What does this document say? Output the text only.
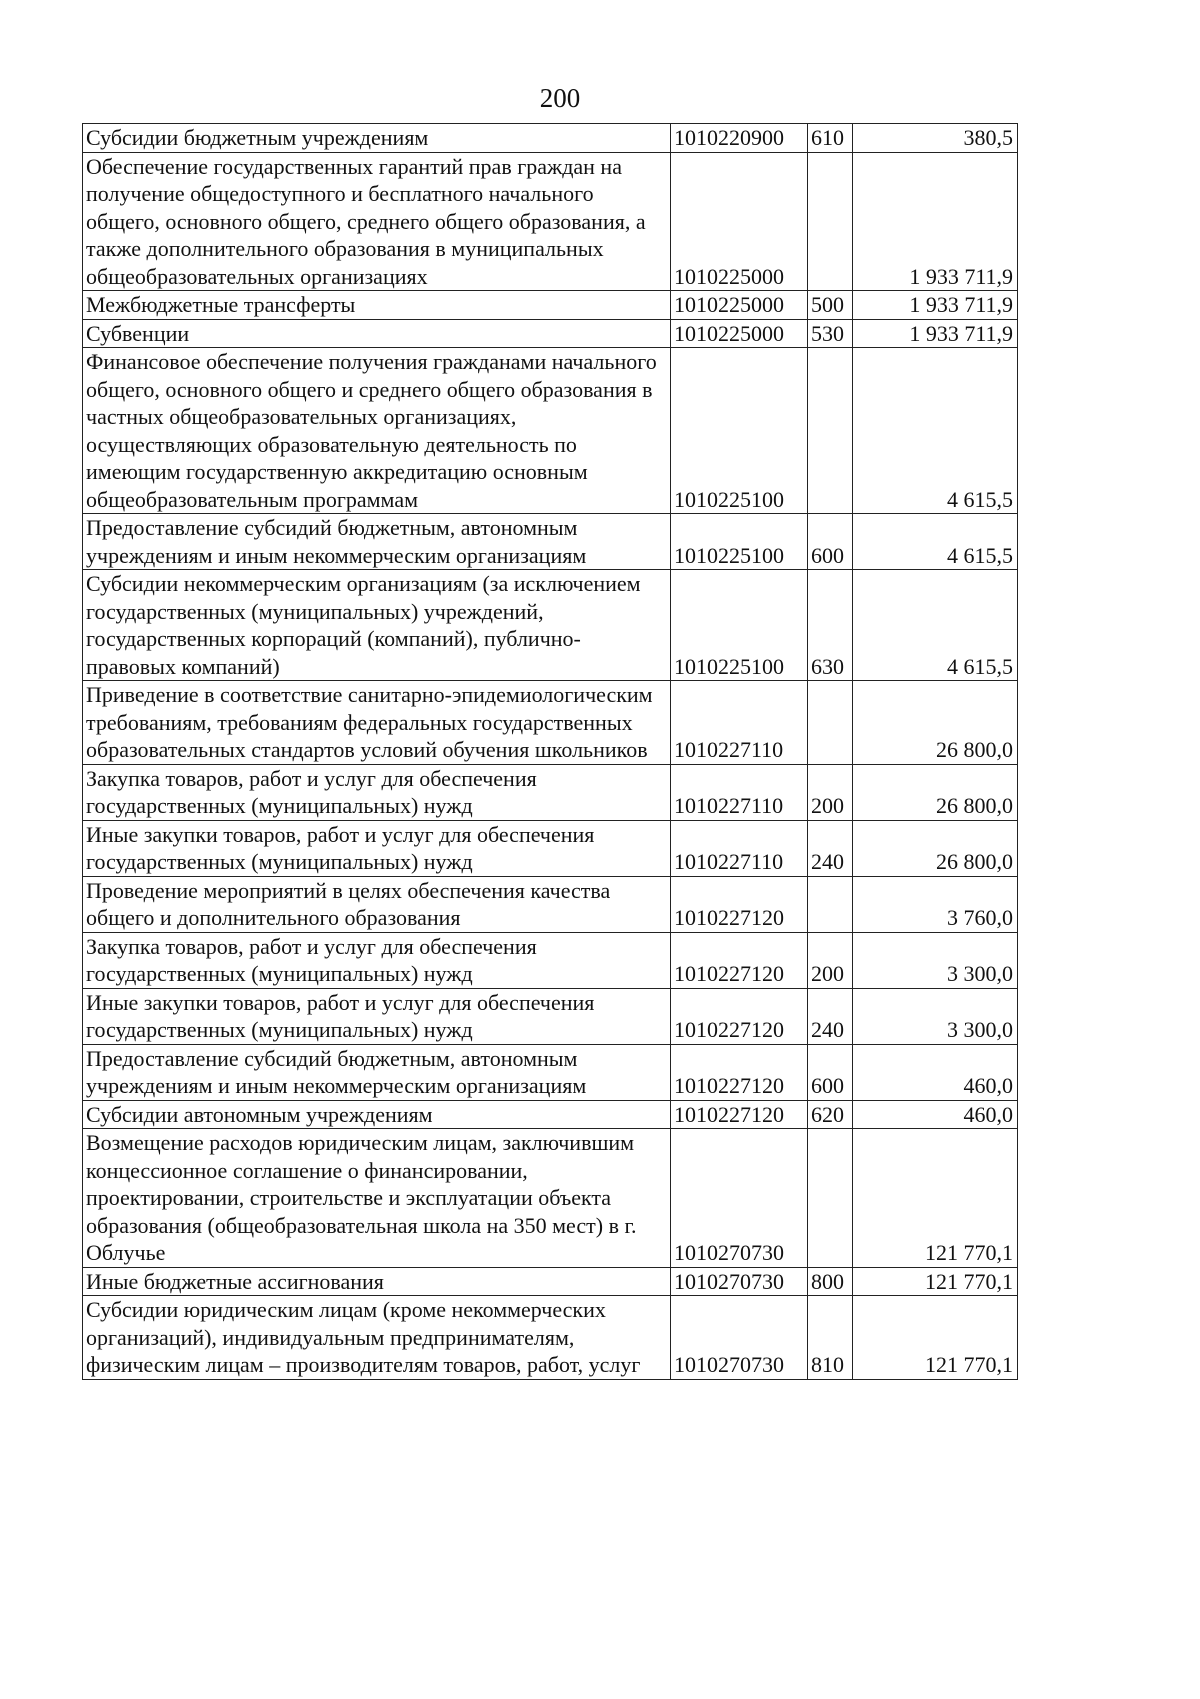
200
Субсидии бюджетным учреждениям	1010220900	610	380,5
Обеспечение государственных гарантий прав граждан на получение общедоступного и бесплатного начального общего, основного общего, среднего общего образования, а также дополнительного образования в муниципальных общеобразовательных организациях	1010225000		1 933 711,9
Межбюджетные трансферты	1010225000	500	1 933 711,9
Субвенции	1010225000	530	1 933 711,9
Финансовое обеспечение получения гражданами начального общего, основного общего и среднего общего образования в частных общеобразовательных организациях, осуществляющих образовательную деятельность по имеющим государственную аккредитацию основным общеобразовательным программам	1010225100		4 615,5
Предоставление субсидий бюджетным, автономным учреждениям и иным некоммерческим организациям	1010225100	600	4 615,5
Субсидии некоммерческим организациям (за исключением государственных (муниципальных) учреждений, государственных корпораций (компаний), публично-правовых компаний)	1010225100	630	4 615,5
Приведение в соответствие санитарно-эпидемиологическим требованиям, требованиям федеральных государственных образовательных стандартов условий обучения школьников	1010227110		26 800,0
Закупка товаров, работ и услуг для обеспечения государственных (муниципальных) нужд	1010227110	200	26 800,0
Иные закупки товаров, работ и услуг для обеспечения государственных (муниципальных) нужд	1010227110	240	26 800,0
Проведение мероприятий в целях обеспечения качества общего и дополнительного образования	1010227120		3 760,0
Закупка товаров, работ и услуг для обеспечения государственных (муниципальных) нужд	1010227120	200	3 300,0
Иные закупки товаров, работ и услуг для обеспечения государственных (муниципальных) нужд	1010227120	240	3 300,0
Предоставление субсидий бюджетным, автономным учреждениям и иным некоммерческим организациям	1010227120	600	460,0
Субсидии автономным учреждениям	1010227120	620	460,0
Возмещение расходов юридическим лицам, заключившим концессионное соглашение о финансировании, проектировании, строительстве и эксплуатации объекта образования (общеобразовательная школа на 350 мест) в г. Облучье	1010270730		121 770,1
Иные бюджетные ассигнования	1010270730	800	121 770,1
Субсидии юридическим лицам (кроме некоммерческих организаций), индивидуальным предпринимателям, физическим лицам – производителям товаров, работ, услуг	1010270730	810	121 770,1
